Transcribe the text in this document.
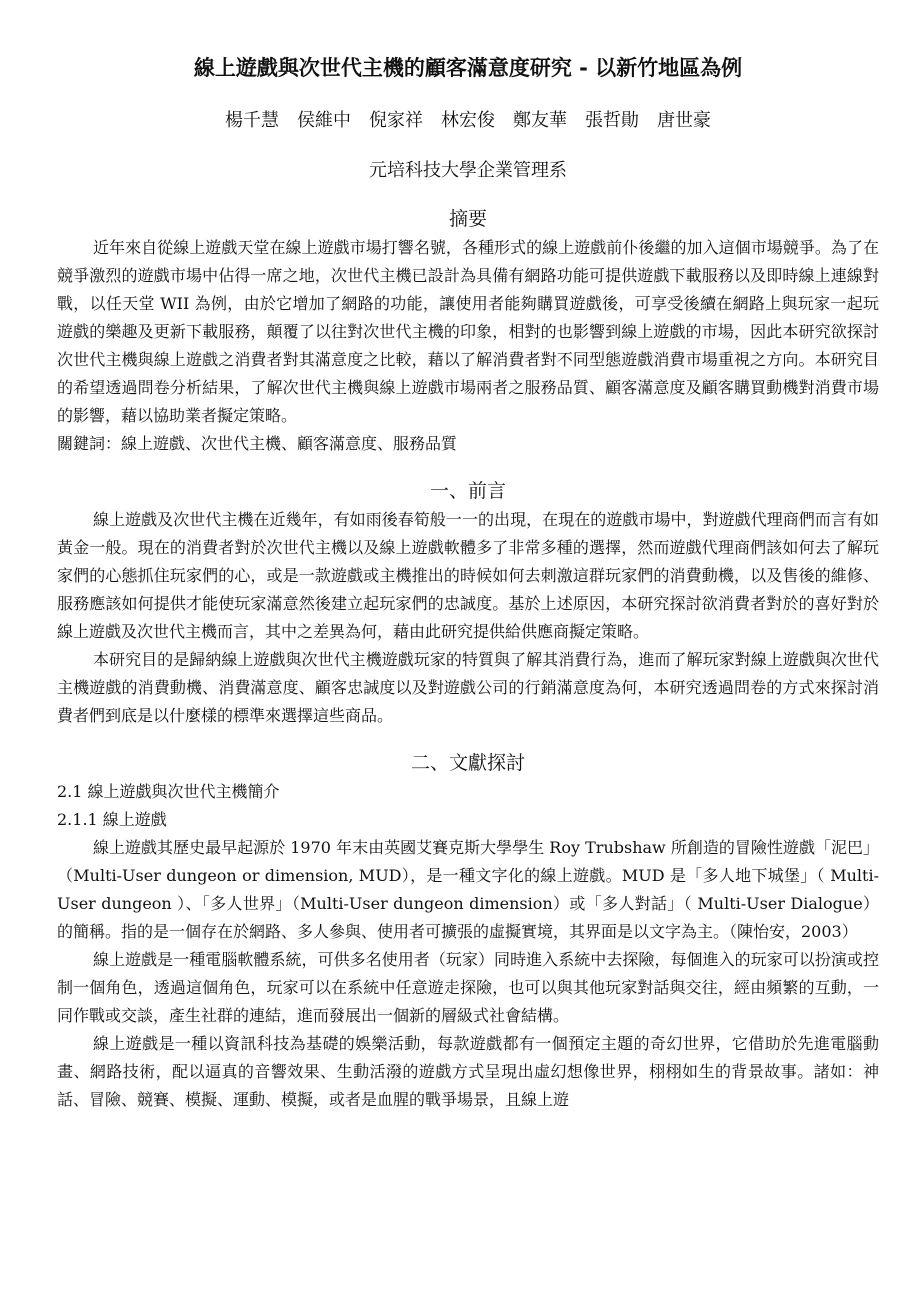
線上遊戲與次世代主機的顧客滿意度研究 - 以新竹地區為例
楊千慧　侯維中　倪家祥　林宏俊　鄭友華　張哲勛　唐世豪
元培科技大學企業管理系
摘要

近年來自從線上遊戲天堂在線上遊戲市場打響名號，各種形式的線上遊戲前仆後繼的加入這個市場競爭。為了在競爭激烈的遊戲市場中佔得一席之地，次世代主機已設計為具備有網路功能可提供遊戲下載服務以及即時線上連線對戰，以任天堂 WII 為例，由於它增加了網路的功能，讓使用者能夠購買遊戲後，可享受後續在網路上與玩家一起玩遊戲的樂趣及更新下載服務，顛覆了以往對次世代主機的印象，相對的也影響到線上遊戲的市場，因此本研究欲探討次世代主機與線上遊戲之消費者對其滿意度之比較，藉以了解消費者對不同型態遊戲消費市場重視之方向。本研究目的希望透過問卷分析結果，了解次世代主機與線上遊戲市場兩者之服務品質、顧客滿意度及顧客購買動機對消費市場的影響，藉以協助業者擬定策略。

關鍵詞：線上遊戲、次世代主機、顧客滿意度、服務品質
一、前言

線上遊戲及次世代主機在近幾年，有如雨後春筍般一一的出現，在現在的遊戲市場中，對遊戲代理商們而言有如黃金一般。現在的消費者對於次世代主機以及線上遊戲軟體多了非常多種的選擇，然而遊戲代理商們該如何去了解玩家們的心態抓住玩家們的心，或是一款遊戲或主機推出的時候如何去刺激這群玩家們的消費動機，以及售後的維修、服務應該如何提供才能使玩家滿意然後建立起玩家們的忠誠度。基於上述原因，本研究探討欲消費者對於的喜好對於線上遊戲及次世代主機而言，其中之差異為何，藉由此研究提供給供應商擬定策略。

本研究目的是歸納線上遊戲與次世代主機遊戲玩家的特質與了解其消費行為，進而了解玩家對線上遊戲與次世代主機遊戲的消費動機、消費滿意度、顧客忠誠度以及對遊戲公司的行銷滿意度為何，本研究透過問卷的方式來探討消費者們到底是以什麼樣的標準來選擇這些商品。

二、文獻探討
2.1 線上遊戲與次世代主機簡介
2.1.1 線上遊戲

線上遊戲其歷史最早起源於 1970 年末由英國艾賽克斯大學學生 Roy Trubshaw 所創造的冒險性遊戲「泥巴」（Multi-User dungeon or dimension, MUD），是一種文字化的線上遊戲。MUD 是「多人地下城堡」（ Multi-User dungeon ）、「多人世界」（Multi-User dungeon dimension）或「多人對話」（ Multi-User Dialogue）的簡稱。指的是一個存在於網路、多人參與、使用者可擴張的虛擬實境，其界面是以文字為主。（陳怡安，2003）

線上遊戲是一種電腦軟體系統，可供多名使用者（玩家）同時進入系統中去探險，每個進入的玩家可以扮演或控制一個角色，透過這個角色，玩家可以在系統中任意遊走探險，也可以與其他玩家對話與交往，經由頻繁的互動，一同作戰或交談，產生社群的連結，進而發展出一個新的層級式社會結構。

線上遊戲是一種以資訊科技為基礎的娛樂活動，每款遊戲都有一個預定主題的奇幻世界，它借助於先進電腦動畫、網路技術，配以逼真的音響效果、生動活潑的遊戲方式呈現出虛幻想像世界，栩栩如生的背景故事。諸如：神話、冒險、競賽、模擬、運動、模擬，或者是血腥的戰爭場景，且線上遊
